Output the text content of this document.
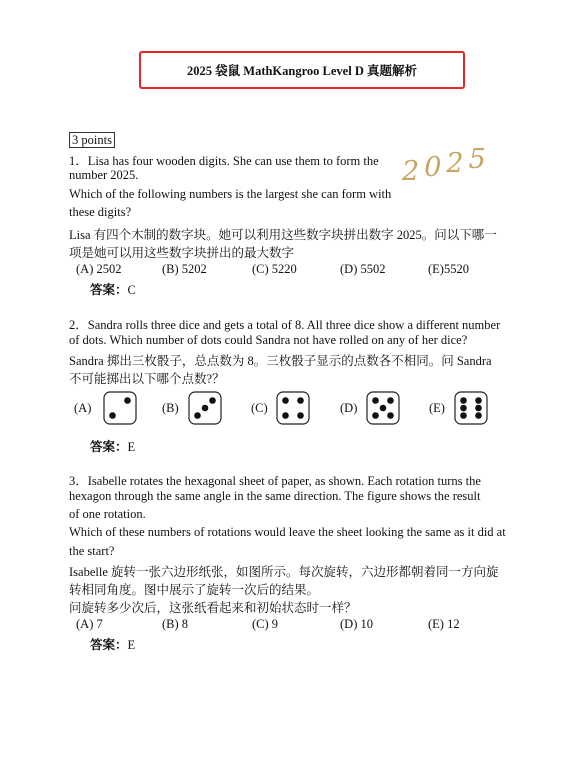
2025 袋鼠 MathKangroo Level D 真题解析
2025
3 points
1．Lisa has four wooden digits. She can use them to form the
number 2025.
Which of the following numbers is the largest she can form with
these digits?
Lisa 有四个木制的数字块。她可以利用这些数字块拼出数字 2025。问以下哪一
项是她可以用这些数字块拼出的最大数字
(A) 2502	(B) 5202	(C) 5220	(D) 5502	(E)5520
答案：C
2．Sandra rolls three dice and gets a total of 8. All three dice show a different number
of dots. Which number of dots could Sandra not have rolled on any of her dice?
Sandra 掷出三枚骰子，总点数为 8。三枚骰子显示的点数各不相同。问 Sandra
不可能掷出以下哪个点数?？
(A)	(B)	(C)	(D)	(E)
答案：E
3．Isabelle rotates the hexagonal sheet of paper, as shown. Each rotation turns the
hexagon through the same angle in the same direction. The figure shows the result
of one rotation.
Which of these numbers of rotations would leave the sheet looking the same as it did at
the start?
Isabelle 旋转一张六边形纸张，如图所示。每次旋转，六边形都朝着同一方向旋
转相同角度。图中展示了旋转一次后的结果。
问旋转多少次后，这张纸看起来和初始状态时一样？
(A) 7	(B) 8	(C) 9	(D) 10	(E) 12
答案：E
